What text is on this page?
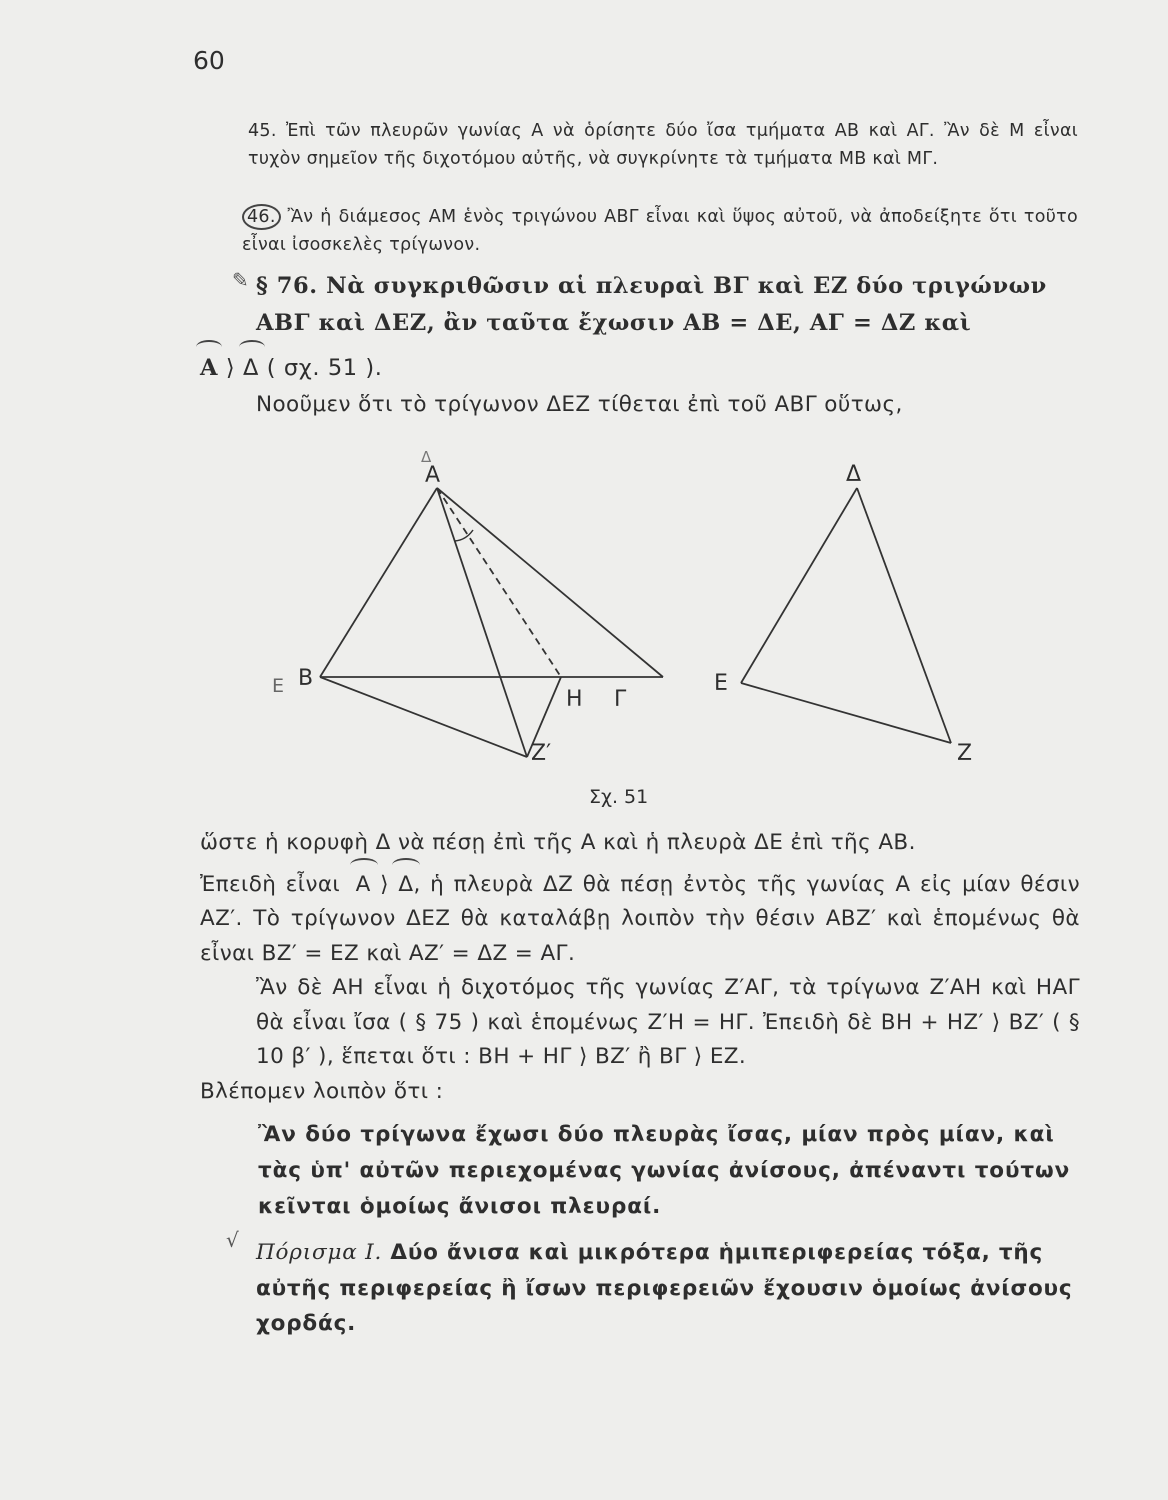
60
45. Ἐπὶ τῶν πλευρῶν γωνίας Α νὰ ὁρίσητε δύο ἴσα τμήματα ΑΒ καὶ ΑΓ. Ἂν δὲ Μ εἶναι τυχὸν σημεῖον τῆς διχοτόμου αὐτῆς, νὰ συγκρίνητε τὰ τμήματα ΜΒ καὶ ΜΓ.
46. Ἂν ἡ διάμεσος ΑΜ ἑνὸς τριγώνου ΑΒΓ εἶναι καὶ ὕψος αὐτοῦ, νὰ ἀποδείξητε ὅτι τοῦτο εἶναι ἰσοσκελὲς τρίγωνον.
✎ § 76. Νὰ συγκριθῶσιν αἱ πλευραὶ ΒΓ καὶ ΕΖ δύο τριγώνων ΑΒΓ καὶ ΔΕΖ, ἂν ταῦτα ἔχωσιν ΑΒ = ΔΕ, ΑΓ = ΔΖ καὶ
Α ⟩ Δ ( σχ. 51 ).
Νοοῦμεν ὅτι τὸ τρίγωνον ΔΕΖ τίθεται ἐπὶ τοῦ ΑΒΓ οὕτως,
Α
Δ
Β
Ε
Γ
Η
Ζ′
Δ
Ε
Ζ
Σχ. 51
ὥστε ἡ κορυφὴ Δ νὰ πέσῃ ἐπὶ τῆς Α καὶ ἡ πλευρὰ ΔΕ ἐπὶ τῆς ΑΒ.
Ἐπειδὴ εἶναι Α ⟩ Δ
, ἡ πλευρὰ ΔΖ θὰ πέσῃ ἐντὸς τῆς γωνίας Α εἰς μίαν θέσιν ΑΖ′. Τὸ τρίγωνον ΔΕΖ θὰ καταλάβῃ λοιπὸν τὴν θέσιν ΑΒΖ′ καὶ ἑπομένως θὰ εἶναι ΒΖ′ = ΕΖ καὶ ΑΖ′ = ΔΖ = ΑΓ.
Ἂν δὲ ΑΗ εἶναι ἡ διχοτόμος τῆς γωνίας Ζ′ΑΓ, τὰ τρίγωνα Ζ′ΑΗ καὶ ΗΑΓ θὰ εἶναι ἴσα ( § 75 ) καὶ ἑπομένως Ζ′Η = ΗΓ. Ἐπειδὴ δὲ ΒΗ + ΗΖ′ ⟩ ΒΖ′ ( § 10 β′ ), ἕπεται ὅτι : ΒΗ + ΗΓ ⟩ ΒΖ′ ἢ ΒΓ ⟩ ΕΖ.
Βλέπομεν λοιπὸν ὅτι :
Ἂν δύο τρίγωνα ἔχωσι δύο πλευρὰς ἴσας, μίαν πρὸς μίαν, καὶ τὰς ὑπ' αὐτῶν περιεχομένας γωνίας ἀνίσους, ἀπέναντι τούτων κεῖνται ὁμοίως ἄνισοι πλευραί.
√ Πόρισμα Ι. Δύο ἄνισα καὶ μικρότερα ἡμιπεριφερείας τόξα, τῆς αὐτῆς περιφερείας ἢ ἴσων περιφερειῶν ἔχουσιν ὁμοίως ἀνίσους χορδάς.
